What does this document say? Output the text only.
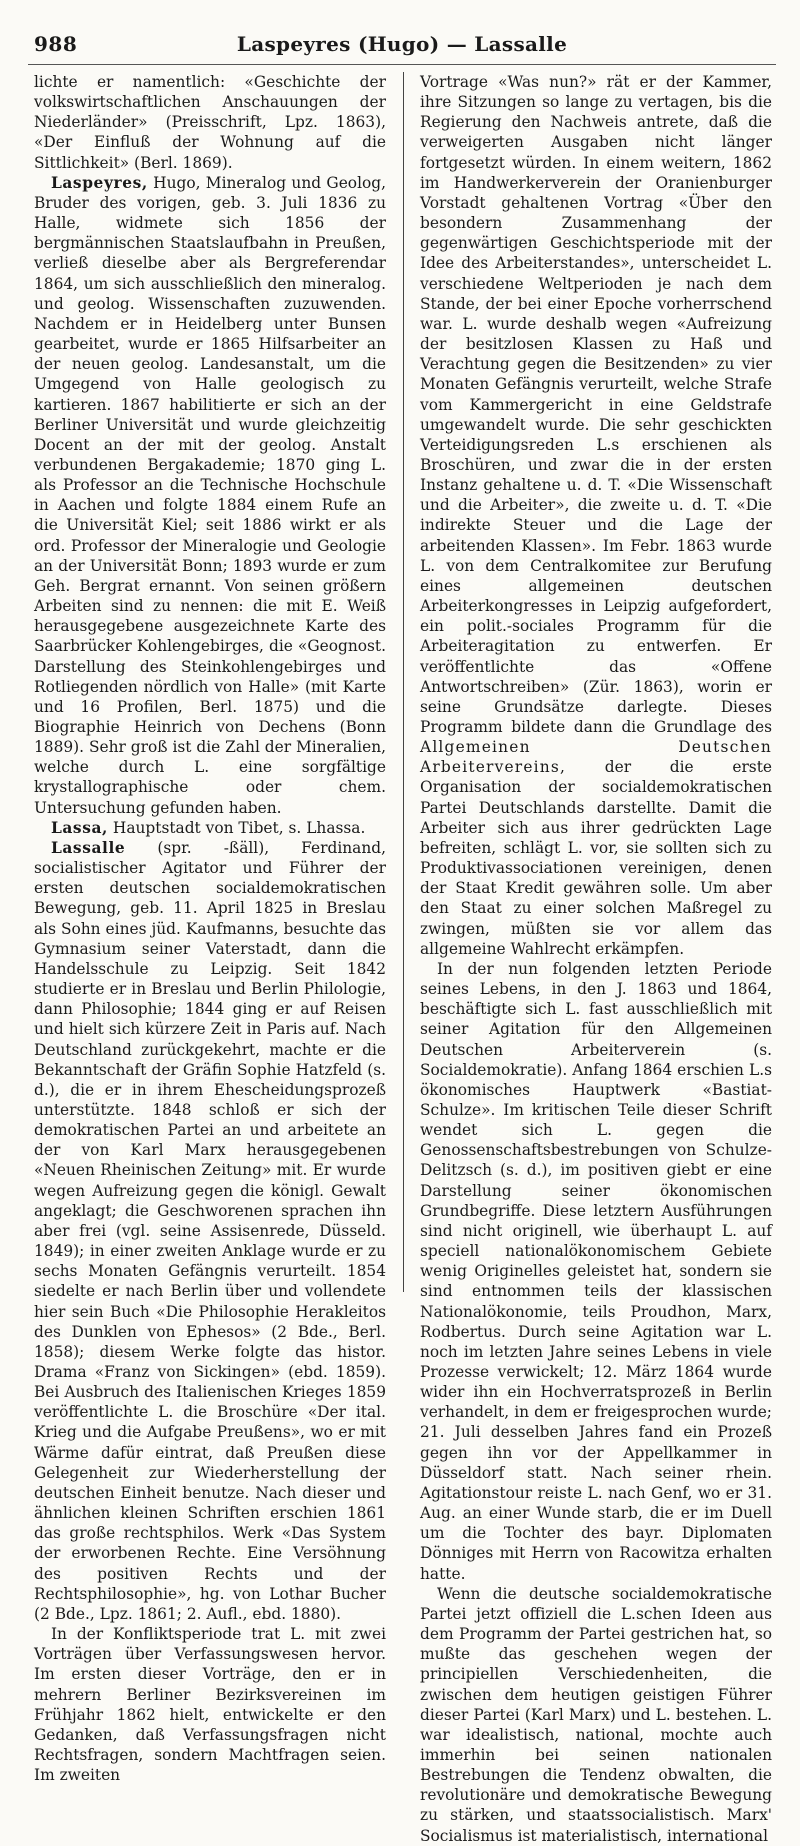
988	Laspeyres (Hugo) — Lassalle

lichte er namentlich: «Geschichte der volkswirtschaftlichen Anschauungen der Niederländer» (Preisschrift, Lpz. 1863), «Der Einfluß der Wohnung auf die Sittlichkeit» (Berl. 1869).

Laspeyres, Hugo, Mineralog und Geolog, Bruder des vorigen, geb. 3. Juli 1836 zu Halle, widmete sich 1856 der bergmännischen Staatslaufbahn in Preußen, verließ dieselbe aber als Bergreferendar 1864, um sich ausschließlich den mineralog. und geolog. Wissenschaften zuzuwenden. Nachdem er in Heidelberg unter Bunsen gearbeitet, wurde er 1865 Hilfsarbeiter an der neuen geolog. Landesanstalt, um die Umgegend von Halle geologisch zu kartieren. 1867 habilitierte er sich an der Berliner Universität und wurde gleichzeitig Docent an der mit der geolog. Anstalt verbundenen Bergakademie; 1870 ging L. als Professor an die Technische Hochschule in Aachen und folgte 1884 einem Rufe an die Universität Kiel; seit 1886 wirkt er als ord. Professor der Mineralogie und Geologie an der Universität Bonn; 1893 wurde er zum Geh. Bergrat ernannt. Von seinen größern Arbeiten sind zu nennen: die mit E. Weiß herausgegebene ausgezeichnete Karte des Saarbrücker Kohlengebirges, die «Geognost. Darstellung des Steinkohlengebirges und Rotliegenden nördlich von Halle» (mit Karte und 16 Profilen, Berl. 1875) und die Biographie Heinrich von Dechens (Bonn 1889). Sehr groß ist die Zahl der Mineralien, welche durch L. eine sorgfältige krystallographische oder chem. Untersuchung gefunden haben.

Lassa, Hauptstadt von Tibet, s. Lhassa.

Lassalle (spr. -ßäll), Ferdinand, socialistischer Agitator und Führer der ersten deutschen socialdemokratischen Bewegung, geb. 11. April 1825 in Breslau als Sohn eines jüd. Kaufmanns, besuchte das Gymnasium seiner Vaterstadt, dann die Handelsschule zu Leipzig. Seit 1842 studierte er in Breslau und Berlin Philologie, dann Philosophie; 1844 ging er auf Reisen und hielt sich kürzere Zeit in Paris auf. Nach Deutschland zurückgekehrt, machte er die Bekanntschaft der Gräfin Sophie Hatzfeld (s. d.), die er in ihrem Ehescheidungsprozeß unterstützte. 1848 schloß er sich der demokratischen Partei an und arbeitete an der von Karl Marx herausgegebenen «Neuen Rheinischen Zeitung» mit. Er wurde wegen Aufreizung gegen die königl. Gewalt angeklagt; die Geschworenen sprachen ihn aber frei (vgl. seine Assisenrede, Düsseld. 1849); in einer zweiten Anklage wurde er zu sechs Monaten Gefängnis verurteilt. 1854 siedelte er nach Berlin über und vollendete hier sein Buch «Die Philosophie Herakleitos des Dunklen von Ephesos» (2 Bde., Berl. 1858); diesem Werke folgte das histor. Drama «Franz von Sickingen» (ebd. 1859). Bei Ausbruch des Italienischen Krieges 1859 veröffentlichte L. die Broschüre «Der ital. Krieg und die Aufgabe Preußens», wo er mit Wärme dafür eintrat, daß Preußen diese Gelegenheit zur Wiederherstellung der deutschen Einheit benutze. Nach dieser und ähnlichen kleinen Schriften erschien 1861 das große rechtsphilos. Werk «Das System der erworbenen Rechte. Eine Versöhnung des positiven Rechts und der Rechtsphilosophie», hg. von Lothar Bucher (2 Bde., Lpz. 1861; 2. Aufl., ebd. 1880).

In der Konfliktsperiode trat L. mit zwei Vorträgen über Verfassungswesen hervor. Im ersten dieser Vorträge, den er in mehrern Berliner Bezirksvereinen im Frühjahr 1862 hielt, entwickelte er den Gedanken, daß Verfassungsfragen nicht Rechtsfragen, sondern Machtfragen seien. Im zweiten

Vortrage «Was nun?» rät er der Kammer, ihre Sitzungen so lange zu vertagen, bis die Regierung den Nachweis antrete, daß die verweigerten Ausgaben nicht länger fortgesetzt würden. In einem weitern, 1862 im Handwerkerverein der Oranienburger Vorstadt gehaltenen Vortrag «Über den besondern Zusammenhang der gegenwärtigen Geschichtsperiode mit der Idee des Arbeiterstandes», unterscheidet L. verschiedene Weltperioden je nach dem Stande, der bei einer Epoche vorherrschend war. L. wurde deshalb wegen «Aufreizung der besitzlosen Klassen zu Haß und Verachtung gegen die Besitzenden» zu vier Monaten Gefängnis verurteilt, welche Strafe vom Kammergericht in eine Geldstrafe umgewandelt wurde. Die sehr geschickten Verteidigungsreden L.s erschienen als Broschüren, und zwar die in der ersten Instanz gehaltene u. d. T. «Die Wissenschaft und die Arbeiter», die zweite u. d. T. «Die indirekte Steuer und die Lage der arbeitenden Klassen». Im Febr. 1863 wurde L. von dem Centralkomitee zur Berufung eines allgemeinen deutschen Arbeiterkongresses in Leipzig aufgefordert, ein polit.-sociales Programm für die Arbeiteragitation zu entwerfen. Er veröffentlichte das «Offene Antwortschreiben» (Zür. 1863), worin er seine Grundsätze darlegte. Dieses Programm bildete dann die Grundlage des Allgemeinen Deutschen Arbeitervereins, der die erste Organisation der socialdemokratischen Partei Deutschlands darstellte. Damit die Arbeiter sich aus ihrer gedrückten Lage befreiten, schlägt L. vor, sie sollten sich zu Produktivassociationen vereinigen, denen der Staat Kredit gewähren solle. Um aber den Staat zu einer solchen Maßregel zu zwingen, müßten sie vor allem das allgemeine Wahlrecht erkämpfen.

In der nun folgenden letzten Periode seines Lebens, in den J. 1863 und 1864, beschäftigte sich L. fast ausschließlich mit seiner Agitation für den Allgemeinen Deutschen Arbeiterverein (s. Socialdemokratie). Anfang 1864 erschien L.s ökonomisches Hauptwerk «Bastiat-Schulze». Im kritischen Teile dieser Schrift wendet sich L. gegen die Genossenschaftsbestrebungen von Schulze-Delitzsch (s. d.), im positiven giebt er eine Darstellung seiner ökonomischen Grundbegriffe. Diese letztern Ausführungen sind nicht originell, wie überhaupt L. auf speciell nationalökonomischem Gebiete wenig Originelles geleistet hat, sondern sie sind entnommen teils der klassischen Nationalökonomie, teils Proudhon, Marx, Rodbertus. Durch seine Agitation war L. noch im letzten Jahre seines Lebens in viele Prozesse verwickelt; 12. März 1864 wurde wider ihn ein Hochverratsprozeß in Berlin verhandelt, in dem er freigesprochen wurde; 21. Juli desselben Jahres fand ein Prozeß gegen ihn vor der Appellkammer in Düsseldorf statt. Nach seiner rhein. Agitationstour reiste L. nach Genf, wo er 31. Aug. an einer Wunde starb, die er im Duell um die Tochter des bayr. Diplomaten Dönniges mit Herrn von Racowitza erhalten hatte.

Wenn die deutsche socialdemokratische Partei jetzt offiziell die L.schen Ideen aus dem Programm der Partei gestrichen hat, so mußte das geschehen wegen der principiellen Verschiedenheiten, die zwischen dem heutigen geistigen Führer dieser Partei (Karl Marx) und L. bestehen. L. war idealistisch, national, mochte auch immerhin bei seinen nationalen Bestrebungen die Tendenz obwalten, die revolutionäre und demokratische Bewegung zu stärken, und staatssocialistisch. Marx' Socialismus ist materialistisch, international
